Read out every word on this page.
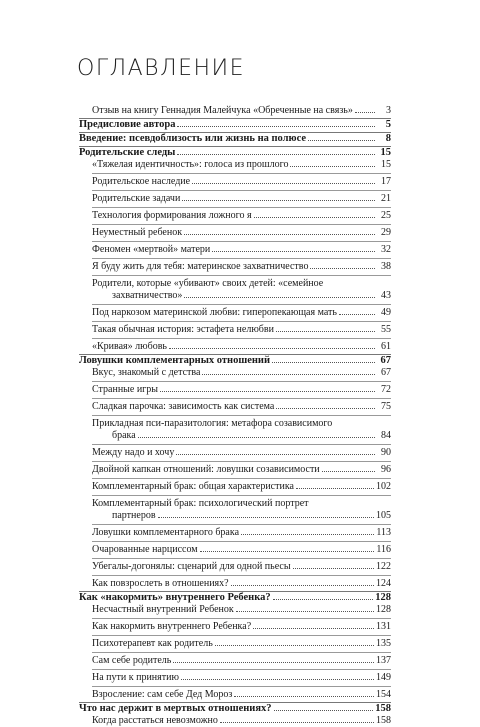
ОГЛАВЛЕНИЕ
Отзыв на книгу Геннадия Малейчука «Обреченные на связь»	3
Предисловие автора	5
Введение: псевдоблизость или жизнь на полюсе	8
Родительские следы	15
«Тяжелая идентичность»: голоса из прошлого	15
Родительское наследие	17
Родительские задачи	21
Технология формирования ложного я	25
Неуместный ребенок	29
Феномен «мертвой» матери	32
Я буду жить для тебя: материнское захватничество	38
Родители, которые «убивают» своих детей: «семейное
захватничество»	43
Под наркозом материнской любви: гиперопекающая мать	49
Такая обычная история: эстафета нелюбви	55
«Кривая» любовь	61
Ловушки комплементарных отношений	67
Вкус, знакомый с детства	67
Странные игры	72
Сладкая парочка: зависимость как система	75
Прикладная пси-паразитология: метафора созависимого
брака	84
Между надо и хочу	90
Двойной капкан отношений: ловушки созависимости	96
Комплементарный брак: общая характеристика	102
Комплементарный брак: психологический портрет
партнеров	105
Ловушки комплементарного брака	113
Очарованные нарциссом	116
Убегалы-догонялы: сценарий для одной пьесы	122
Как повзрослеть в отношениях?	124
Как «накормить» внутреннего Ребенка?	128
Несчастный внутренний Ребенок	128
Как накормить внутреннего Ребенка?	131
Психотерапевт как родитель	135
Сам себе родитель	137
На пути к принятию	149
Взросление: сам себе Дед Мороз	154
Что нас держит в мертвых отношениях?	158
Когда расстаться невозможно	158
